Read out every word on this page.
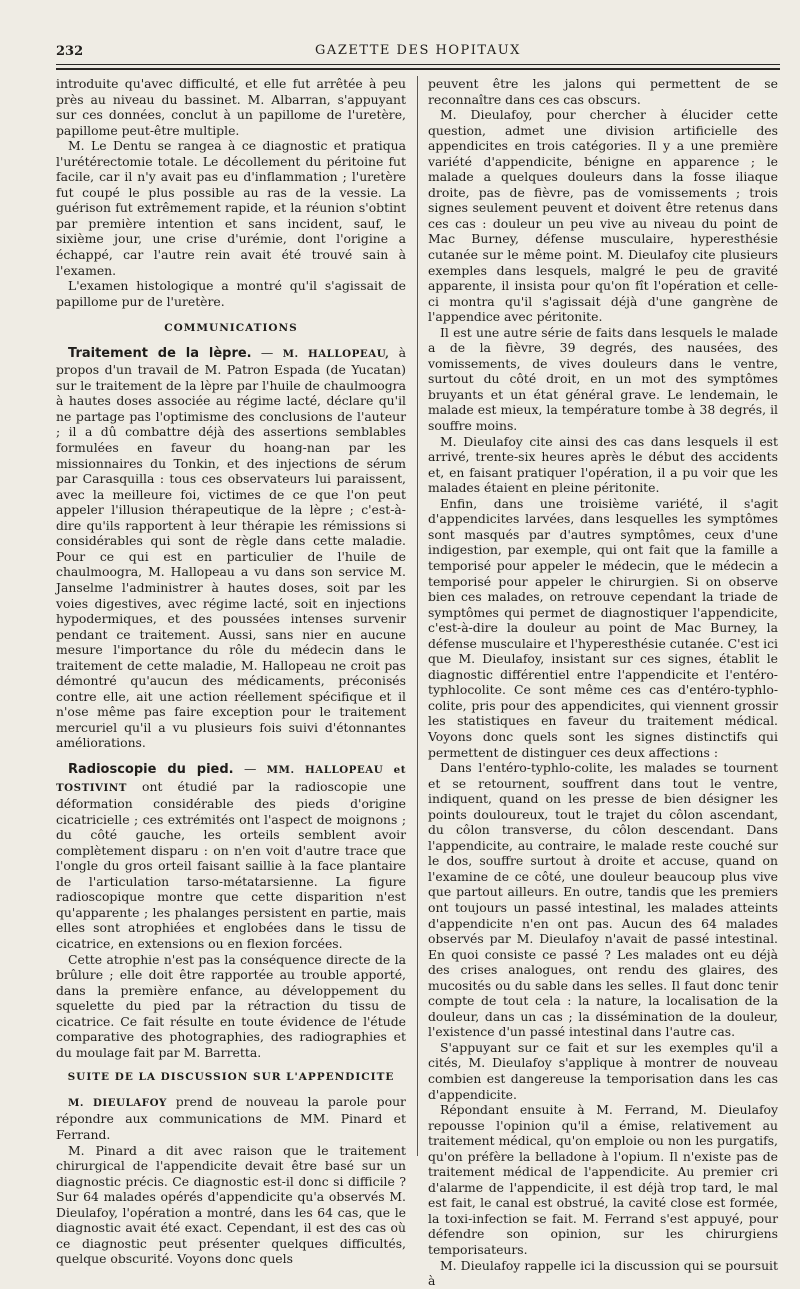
232	GAZETTE DES HOPITAUX

introduite qu'avec difficulté, et elle fut arrêtée à peu près au niveau du bassinet. M. Albarran, s'appuyant sur ces données, conclut à un papillome de l'uretère, papillome peut-être multiple.

M. Le Dentu se rangea à ce diagnostic et pratiqua l'urétérectomie totale. Le décollement du péritoine fut facile, car il n'y avait pas eu d'inflammation ; l'uretère fut coupé le plus possible au ras de la vessie. La guérison fut extrêmement rapide, et la réunion s'obtint par première intention et sans incident, sauf, le sixième jour, une crise d'urémie, dont l'origine a échappé, car l'autre rein avait été trouvé sain à l'examen.

L'examen histologique a montré qu'il s'agissait de papillome pur de l'uretère.

COMMUNICATIONS

Traitement de la lèpre. — M. HALLOPEAU, à propos d'un travail de M. Patron Espada (de Yucatan) sur le traitement de la lèpre par l'huile de chaulmoogra à hautes doses associée au régime lacté, déclare qu'il ne partage pas l'optimisme des conclusions de l'auteur ; il a dû combattre déjà des assertions semblables formulées en faveur du hoang-nan par les missionnaires du Tonkin, et des injections de sérum par Carasquilla : tous ces observateurs lui paraissent, avec la meilleure foi, victimes de ce que l'on peut appeler l'illusion thérapeutique de la lèpre ; c'est-à-dire qu'ils rapportent à leur thérapie les rémissions si considérables qui sont de règle dans cette maladie. Pour ce qui est en particulier de l'huile de chaulmoogra, M. Hallopeau a vu dans son service M. Janselme l'administrer à hautes doses, soit par les voies digestives, avec régime lacté, soit en injections hypodermiques, et des poussées intenses survenir pendant ce traitement. Aussi, sans nier en aucune mesure l'importance du rôle du médecin dans le traitement de cette maladie, M. Hallopeau ne croit pas démontré qu'aucun des médicaments, préconisés contre elle, ait une action réellement spécifique et il n'ose même pas faire exception pour le traitement mercuriel qu'il a vu plusieurs fois suivi d'étonnantes améliorations.

Radioscopie du pied. — MM. HALLOPEAU et TOSTIVINT ont étudié par la radioscopie une déformation considérable des pieds d'origine cicatricielle ; ces extrémités ont l'aspect de moignons ; du côté gauche, les orteils semblent avoir complètement disparu : on n'en voit d'autre trace que l'ongle du gros orteil faisant saillie à la face plantaire de l'articulation tarso-métatarsienne. La figure radioscopique montre que cette disparition n'est qu'apparente ; les phalanges persistent en partie, mais elles sont atrophiées et englobées dans le tissu de cicatrice, en extensions ou en flexion forcées.

Cette atrophie n'est pas la conséquence directe de la brûlure ; elle doit être rapportée au trouble apporté, dans la première enfance, au développement du squelette du pied par la rétraction du tissu de cicatrice. Ce fait résulte en toute évidence de l'étude comparative des photographies, des radiographies et du moulage fait par M. Barretta.

SUITE DE LA DISCUSSION SUR L'APPENDICITE

M. DIEULAFOY prend de nouveau la parole pour répondre aux communications de MM. Pinard et Ferrand.

M. Pinard a dit avec raison que le traitement chirurgical de l'appendicite devait être basé sur un diagnostic précis. Ce diagnostic est-il donc si difficile ? Sur 64 malades opérés d'appendicite qu'a observés M. Dieulafoy, l'opération a montré, dans les 64 cas, que le diagnostic avait été exact. Cependant, il est des cas où ce diagnostic peut présenter quelques difficultés, quelque obscurité. Voyons donc quels

peuvent être les jalons qui permettent de se reconnaître dans ces cas obscurs.

M. Dieulafoy, pour chercher à élucider cette question, admet une division artificielle des appendicites en trois catégories. Il y a une première variété d'appendicite, bénigne en apparence ; le malade a quelques douleurs dans la fosse iliaque droite, pas de fièvre, pas de vomissements ; trois signes seulement peuvent et doivent être retenus dans ces cas : douleur un peu vive au niveau du point de Mac Burney, défense musculaire, hyperesthésie cutanée sur le même point. M. Dieulafoy cite plusieurs exemples dans lesquels, malgré le peu de gravité apparente, il insista pour qu'on fît l'opération et celle-ci montra qu'il s'agissait déjà d'une gangrène de l'appendice avec péritonite.

Il est une autre série de faits dans lesquels le malade a de la fièvre, 39 degrés, des nausées, des vomissements, de vives douleurs dans le ventre, surtout du côté droit, en un mot des symptômes bruyants et un état général grave. Le lendemain, le malade est mieux, la température tombe à 38 degrés, il souffre moins.

M. Dieulafoy cite ainsi des cas dans lesquels il est arrivé, trente-six heures après le début des accidents et, en faisant pratiquer l'opération, il a pu voir que les malades étaient en pleine péritonite.

Enfin, dans une troisième variété, il s'agit d'appendicites larvées, dans lesquelles les symptômes sont masqués par d'autres symptômes, ceux d'une indigestion, par exemple, qui ont fait que la famille a temporisé pour appeler le médecin, que le médecin a temporisé pour appeler le chirurgien. Si on observe bien ces malades, on retrouve cependant la triade de symptômes qui permet de diagnostiquer l'appendicite, c'est-à-dire la douleur au point de Mac Burney, la défense musculaire et l'hyperesthésie cutanée. C'est ici que M. Dieulafoy, insistant sur ces signes, établit le diagnostic différentiel entre l'appendicite et l'entéro-typhlocolite. Ce sont même ces cas d'entéro-typhlo-colite, pris pour des appendicites, qui viennent grossir les statistiques en faveur du traitement médical. Voyons donc quels sont les signes distinctifs qui permettent de distinguer ces deux affections :

Dans l'entéro-typhlo-colite, les malades se tournent et se retournent, souffrent dans tout le ventre, indiquent, quand on les presse de bien désigner les points douloureux, tout le trajet du côlon ascendant, du côlon transverse, du côlon descendant. Dans l'appendicite, au contraire, le malade reste couché sur le dos, souffre surtout à droite et accuse, quand on l'examine de ce côté, une douleur beaucoup plus vive que partout ailleurs. En outre, tandis que les premiers ont toujours un passé intestinal, les malades atteints d'appendicite n'en ont pas. Aucun des 64 malades observés par M. Dieulafoy n'avait de passé intestinal. En quoi consiste ce passé ? Les malades ont eu déjà des crises analogues, ont rendu des glaires, des mucosités ou du sable dans les selles. Il faut donc tenir compte de tout cela : la nature, la localisation de la douleur, dans un cas ; la dissémination de la douleur, l'existence d'un passé intestinal dans l'autre cas.

S'appuyant sur ce fait et sur les exemples qu'il a cités, M. Dieulafoy s'applique à montrer de nouveau combien est dangereuse la temporisation dans les cas d'appendicite.

Répondant ensuite à M. Ferrand, M. Dieulafoy repousse l'opinion qu'il a émise, relativement au traitement médical, qu'on emploie ou non les purgatifs, qu'on préfère la belladone à l'opium. Il n'existe pas de traitement médical de l'appendicite. Au premier cri d'alarme de l'appendicite, il est déjà trop tard, le mal est fait, le canal est obstrué, la cavité close est formée, la toxi-infection se fait. M. Ferrand s'est appuyé, pour défendre son opinion, sur les chirurgiens temporisateurs.

M. Dieulafoy rappelle ici la discussion qui se poursuit à
